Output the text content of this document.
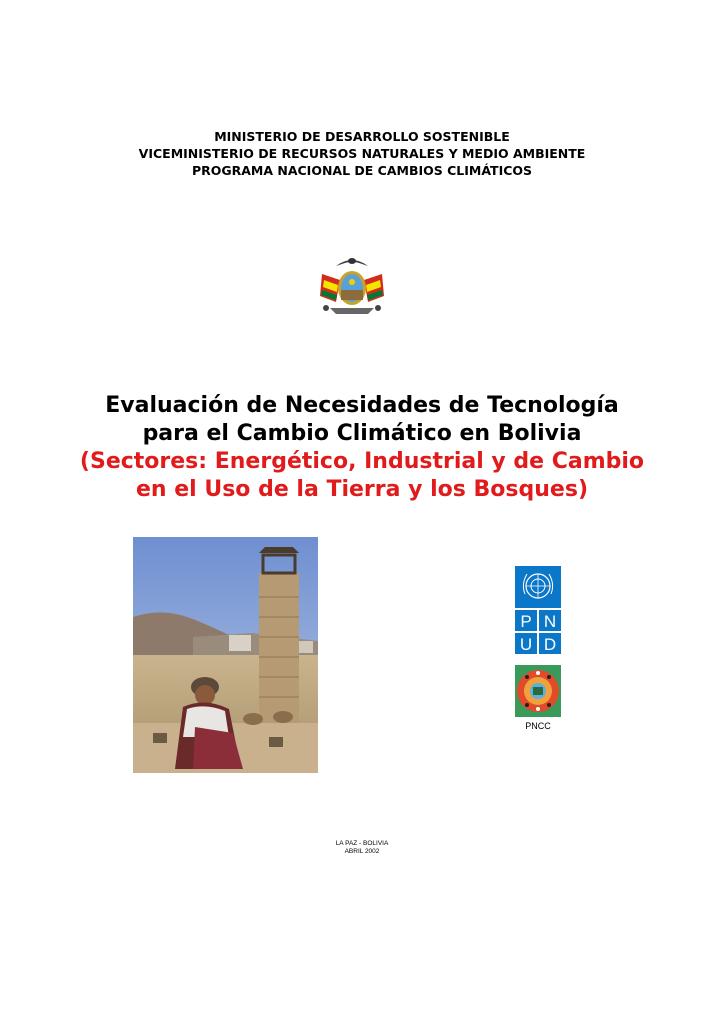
MINISTERIO DE DESARROLLO SOSTENIBLE
VICEMINISTERIO DE RECURSOS NATURALES Y MEDIO AMBIENTE
PROGRAMA NACIONAL DE CAMBIOS CLIMÁTICOS
Evaluación de Necesidades de Tecnología
para el Cambio Climático en Bolivia
(Sectores: Energético, Industrial y de Cambio
en el Uso de la Tierra y los Bosques)
P N
U D
PNCC
LA PAZ - BOLIVIA
ABRIL 2002
